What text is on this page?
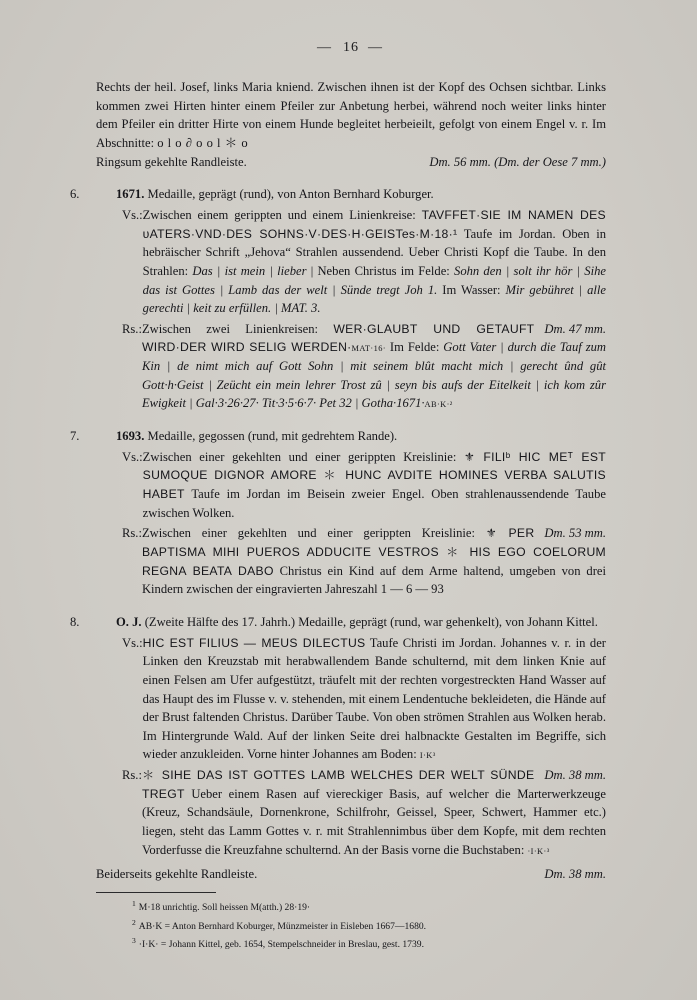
— 16 —
Rechts der heil. Josef, links Maria kniend. Zwischen ihnen ist der Kopf des Ochsen sichtbar. Links kommen zwei Hirten hinter einem Pfeiler zur Anbetung herbei, während noch weiter links hinter dem Pfeiler ein dritter Hirte von einem Hunde begleitet herbeieilt, gefolgt von einem Engel v. r. Im Abschnitte: o l o ∂ o o l ＊ o

Dm. 56 mm. (Dm. der Oese 7 mm.)
Ringsum gekehlte Randleiste.
6.	1671. Medaille, geprägt (rund), von Anton Bernhard Koburger.
Vs.: Zwischen einem gerippten und einem Linienkreise: TAVFFET·SIE IM NAMEN DES ᴜATERS·VND·DES SOHNS·V·DES·H·GEISTes·M·18·¹ Taufe im Jordan. Oben in hebräischer Schrift „Jehova“ Strahlen aussendend. Ueber Christi Kopf die Taube. In den Strahlen: Das | ist mein | lieber | Neben Christus im Felde: Sohn den | solt ihr hör | Sihe das ist Gottes | Lamb das der welt | Sünde tregt Joh 1. Im Wasser: Mir gebühret | alle gerechti | keit zu erfüllen. | MAT. 3.
Rs.:	Dm. 47 mm.
Zwischen zwei Linienkreisen: WER·GLAUBT UND GETAUFT WIRD·DER WIRD SELIG WERDEN·MAT·16· Im Felde: Gott Vater | durch die Tauf zum Kin | de nimt mich auf Gott Sohn | mit seinem blût macht mich | gerecht ûnd gût Gott·h·Geist | Zeücht ein mein lehrer Trost zû | seyn bis aufs der Eitelkeit | ich kom zûr Ewigkeit | Gal·3·26·27· Tit·3·5·6·7· Pet 32 | Gotha·1671·AB·K·²
7.	1693. Medaille, gegossen (rund, mit gedrehtem Rande).
Vs.: Zwischen einer gekehlten und einer gerippten Kreislinie: ⚜ FILIᵇ HIC MEᵀ EST SUMOQUE DIGNOR AMORE ＊ HUNC AVDITE HOMINES VERBA SALUTIS HABET Taufe im Jordan im Beisein zweier Engel. Oben strahlenaussendende Taube zwischen Wolken.
Rs.:	Dm. 53 mm.
Zwischen einer gekehlten und einer gerippten Kreislinie: ⚜ PER BAPTISMA MIHI PUEROS ADDUCITE VESTROS ＊ HIS EGO COELORUM REGNA BEATA DABO Christus ein Kind auf dem Arme haltend, umgeben von drei Kindern zwischen der eingravierten Jahreszahl 1 — 6 — 93
8.	O. J. (Zweite Hälfte des 17. Jahrh.) Medaille, geprägt (rund, war gehenkelt), von Johann Kittel.
Vs.: HIC EST FILIUS — MEUS DILECTUS Taufe Christi im Jordan. Johannes v. r. in der Linken den Kreuzstab mit herabwallendem Bande schulternd, mit dem linken Knie auf einen Felsen am Ufer aufgestützt, träufelt mit der rechten vorgestreckten Hand Wasser auf das Haupt des im Flusse v. v. stehenden, mit einem Lendentuche bekleideten, die Hände auf der Brust faltenden Christus. Darüber Taube. Von oben strömen Strahlen aus Wolken herab. Im Hintergrunde Wald. Auf der linken Seite drei halbnackte Gestalten im Begriffe, sich wieder anzukleiden. Vorne hinter Johannes am Boden: I·K³
Rs.:	Dm. 38 mm.
＊ SIHE DAS IST GOTTES LAMB WELCHES DER WELT SÜNDE TREGT Ueber einem Rasen auf viereckiger Basis, auf welcher die Marterwerkzeuge (Kreuz, Schandsäule, Dornenkrone, Schilfrohr, Geissel, Speer, Schwert, Hammer etc.) liegen, steht das Lamm Gottes v. r. mit Strahlennimbus über dem Kopfe, mit dem rechten Vorderfusse die Kreuzfahne schulternd. An der Basis vorne die Buchstaben: ·I·K·³
Dm. 38 mm.
Beiderseits gekehlte Randleiste.
$^1$ M·18 unrichtig. Soll heissen M(atth.) 28·19·
$^2$ AB·K = Anton Bernhard Koburger, Münzmeister in Eisleben 1667—1680.
$^3$ ·I·K· = Johann Kittel, geb. 1654, Stempelschneider in Breslau, gest. 1739.
